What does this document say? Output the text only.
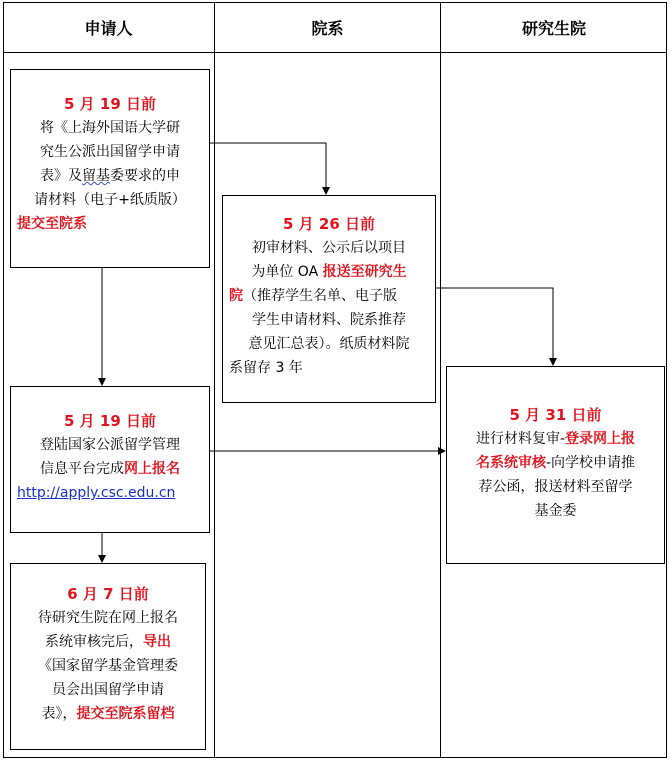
申请人	院系	研究生院
5 月 19 日前
将《上海外国语大学研
究生公派出国留学申请
表》及留基委要求的申
请材料（电子+纸质版）
提交至院系	5 月 26 日前
初审材料、公示后以项目
为单位 OA 报送至研究生
院（推荐学生名单、电子版
学生申请材料、院系推荐
意见汇总表）。纸质材料院
系留存 3 年
5 月 19 日前
登陆国家公派留学管理
信息平台完成网上报名
http://apply.csc.edu.cn
5 月 31 日前
进行材料复审-登录网上报
名系统审核-向学校申请推
荐公函，报送材料至留学
基金委
6 月 7 日前
待研究生院在网上报名
系统审核完后，导出
《国家留学基金管理委
员会出国留学申请
表》，提交至院系留档
